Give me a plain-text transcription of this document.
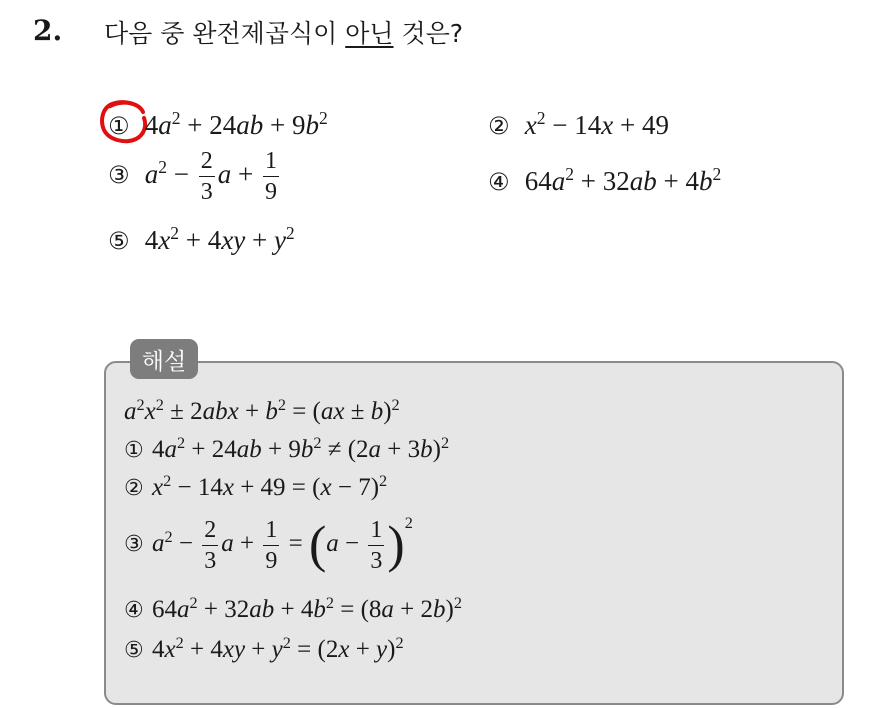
2. 다음 중 완전제곱식이 아닌 것은?
① $4a^2 + 24ab + 9b^2$	② $x^2 - 14x + 49$
③ $a^2 - \frac{2}{3}$ $a + \frac{1}{9}$	④ $64a^2 + 32ab + 4b^2$
⑤ $4x^2 + 4xy + y^2$
해설
$a^2x^2 \pm 2abx + b^2 = (ax \pm b)^2$
① $4a^2 + 24ab + 9b^2 \ne (2a + 3b)^2$
② $x^2 - 14x + 49 = (x - 7)^2$
③ $a^2 - \frac{2}{3}$ $a + \frac{1}{9} = (a - \frac{1}{3} )^2$
④ $64a^2 + 32ab + 4b^2 = (8a + 2b)^2$
⑤ $4x^2 + 4xy + y^2 = (2x + y)^2$
